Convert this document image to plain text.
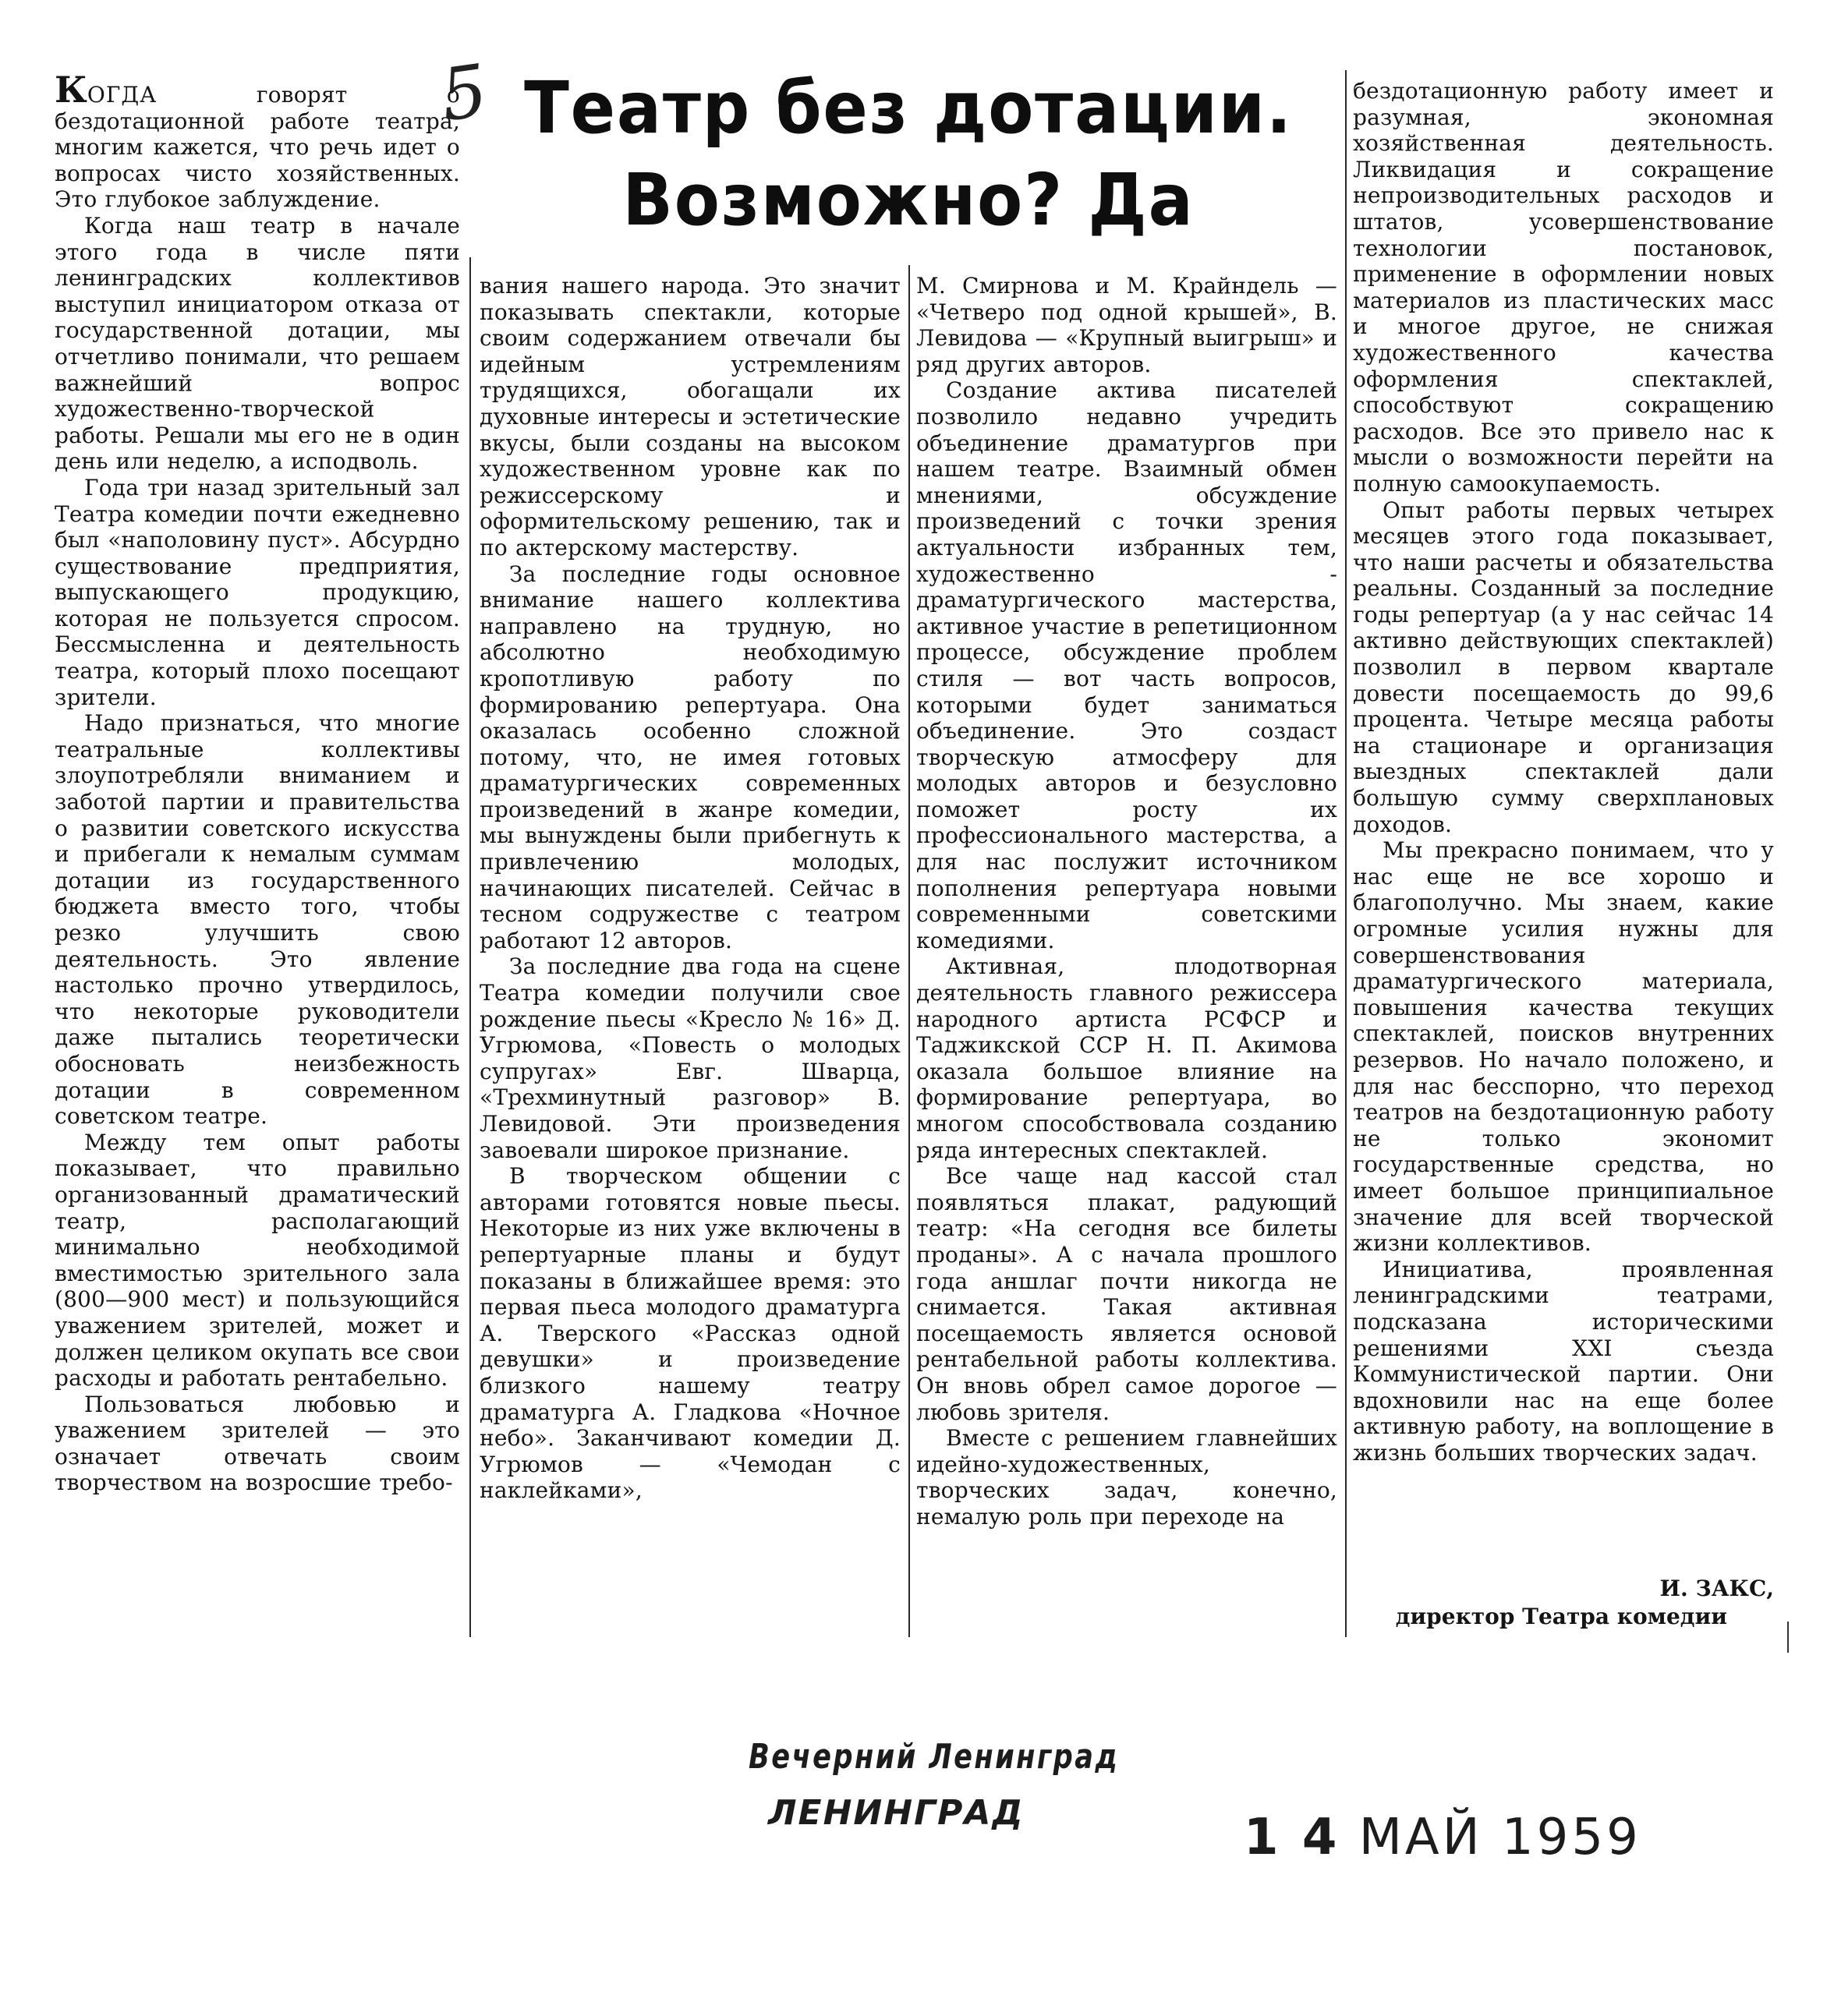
5 Театр без дотации.
Возможно? Да

КОГДА говорят о бездотационной работе театра, многим кажется, что речь идет о вопросах чисто хозяйственных. Это глубокое заблуждение.

Когда наш театр в начале этого года в числе пяти ленинградских коллективов выступил инициатором отказа от государственной дотации, мы отчетливо понимали, что решаем важнейший вопрос художественно-творческой работы. Решали мы его не в один день или неделю, а исподволь.

Года три назад зрительный зал Театра комедии почти ежедневно был «наполовину пуст». Абсурдно существование предприятия, выпускающего продукцию, которая не пользуется спросом. Бессмысленна и деятельность театра, который плохо посещают зрители.

Надо признаться, что многие театральные коллективы злоупотребляли вниманием и заботой партии и правительства о развитии советского искусства и прибегали к немалым суммам дотации из государственного бюджета вместо того, чтобы резко улучшить свою деятельность. Это явление настолько прочно утвердилось, что некоторые руководители даже пытались теоретически обосновать неизбежность дотации в современном советском театре.

Между тем опыт работы показывает, что правильно организованный драматический театр, располагающий минимально необходимой вместимостью зрительного зала (800—900 мест) и пользующийся уважением зрителей, может и должен целиком окупать все свои расходы и работать рентабельно.

Пользоваться любовью и уважением зрителей — это означает отвечать своим творчеством на возросшие требо-

вания нашего народа. Это значит показывать спектакли, которые своим содержанием отвечали бы идейным устремлениям трудящихся, обогащали их духовные интересы и эстетические вкусы, были созданы на высоком художественном уровне как по режиссерскому и оформительскому решению, так и по актерскому мастерству.

За последние годы основное внимание нашего коллектива направлено на трудную, но абсолютно необходимую кропотливую работу по формированию репертуара. Она оказалась особенно сложной потому, что, не имея готовых драматургических современных произведений в жанре комедии, мы вынуждены были прибегнуть к привлечению молодых, начинающих писателей. Сейчас в тесном содружестве с театром работают 12 авторов.

За последние два года на сцене Театра комедии получили свое рождение пьесы «Кресло № 16» Д. Угрюмова, «Повесть о молодых супругах» Евг. Шварца, «Трехминутный разговор» В. Левидовой. Эти произведения завоевали широкое признание.

В творческом общении с авторами готовятся новые пьесы. Некоторые из них уже включены в репертуарные планы и будут показаны в ближайшее время: это первая пьеса молодого драматурга А. Тверского «Рассказ одной девушки» и произведение близкого нашему театру драматурга А. Гладкова «Ночное небо». Заканчивают комедии Д. Угрюмов — «Чемодан с наклейками»,

М. Смирнова и М. Крайндель — «Четверо под одной крышей», В. Левидова — «Крупный выигрыш» и ряд других авторов.

Создание актива писателей позволило недавно учредить объединение драматургов при нашем театре. Взаимный обмен мнениями, обсуждение произведений с точки зрения актуальности избранных тем, художественно - драматургического мастерства, активное участие в репетиционном процессе, обсуждение проблем стиля — вот часть вопросов, которыми будет заниматься объединение. Это создаст творческую атмосферу для молодых авторов и безусловно поможет росту их профессионального мастерства, а для нас послужит источником пополнения репертуара новыми современными советскими комедиями.

Активная, плодотворная деятельность главного режиссера народного артиста РСФСР и Таджикской ССР Н. П. Акимова оказала большое влияние на формирование репертуара, во многом способствовала созданию ряда интересных спектаклей.

Все чаще над кассой стал появляться плакат, радующий театр: «На сегодня все билеты проданы». А с начала прошлого года аншлаг почти никогда не снимается. Такая активная посещаемость является основой рентабельной работы коллектива. Он вновь обрел самое дорогое — любовь зрителя.

Вместе с решением главнейших идейно-художественных, творческих задач, конечно, немалую роль при переходе на

бездотационную работу имеет и разумная, экономная хозяйственная деятельность. Ликвидация и сокращение непроизводительных расходов и штатов, усовершенствование технологии постановок, применение в оформлении новых материалов из пластических масс и многое другое, не снижая художественного качества оформления спектаклей, способствуют сокращению расходов. Все это привело нас к мысли о возможности перейти на полную самоокупаемость.

Опыт работы первых четырех месяцев этого года показывает, что наши расчеты и обязательства реальны. Созданный за последние годы репертуар (а у нас сейчас 14 активно действующих спектаклей) позволил в первом квартале довести посещаемость до 99,6 процента. Четыре месяца работы на стационаре и организация выездных спектаклей дали большую сумму сверхплановых доходов.

Мы прекрасно понимаем, что у нас еще не все хорошо и благополучно. Мы знаем, какие огромные усилия нужны для совершенствования драматургического материала, повышения качества текущих спектаклей, поисков внутренних резервов. Но начало положено, и для нас бесспорно, что переход театров на бездотационную работу не только экономит государственные средства, но имеет большое принципиальное значение для всей творческой жизни коллективов.

Инициатива, проявленная ленинградскими театрами, подсказана историческими решениями XXI съезда Коммунистической партии. Они вдохновили нас на еще более активную работу, на воплощение в жизнь больших творческих задач.

И. ЗАКС,
директор Театра комедии
Вечерний Ленинград
ЛЕНИНГРАД	1 4 МАЙ 1959
